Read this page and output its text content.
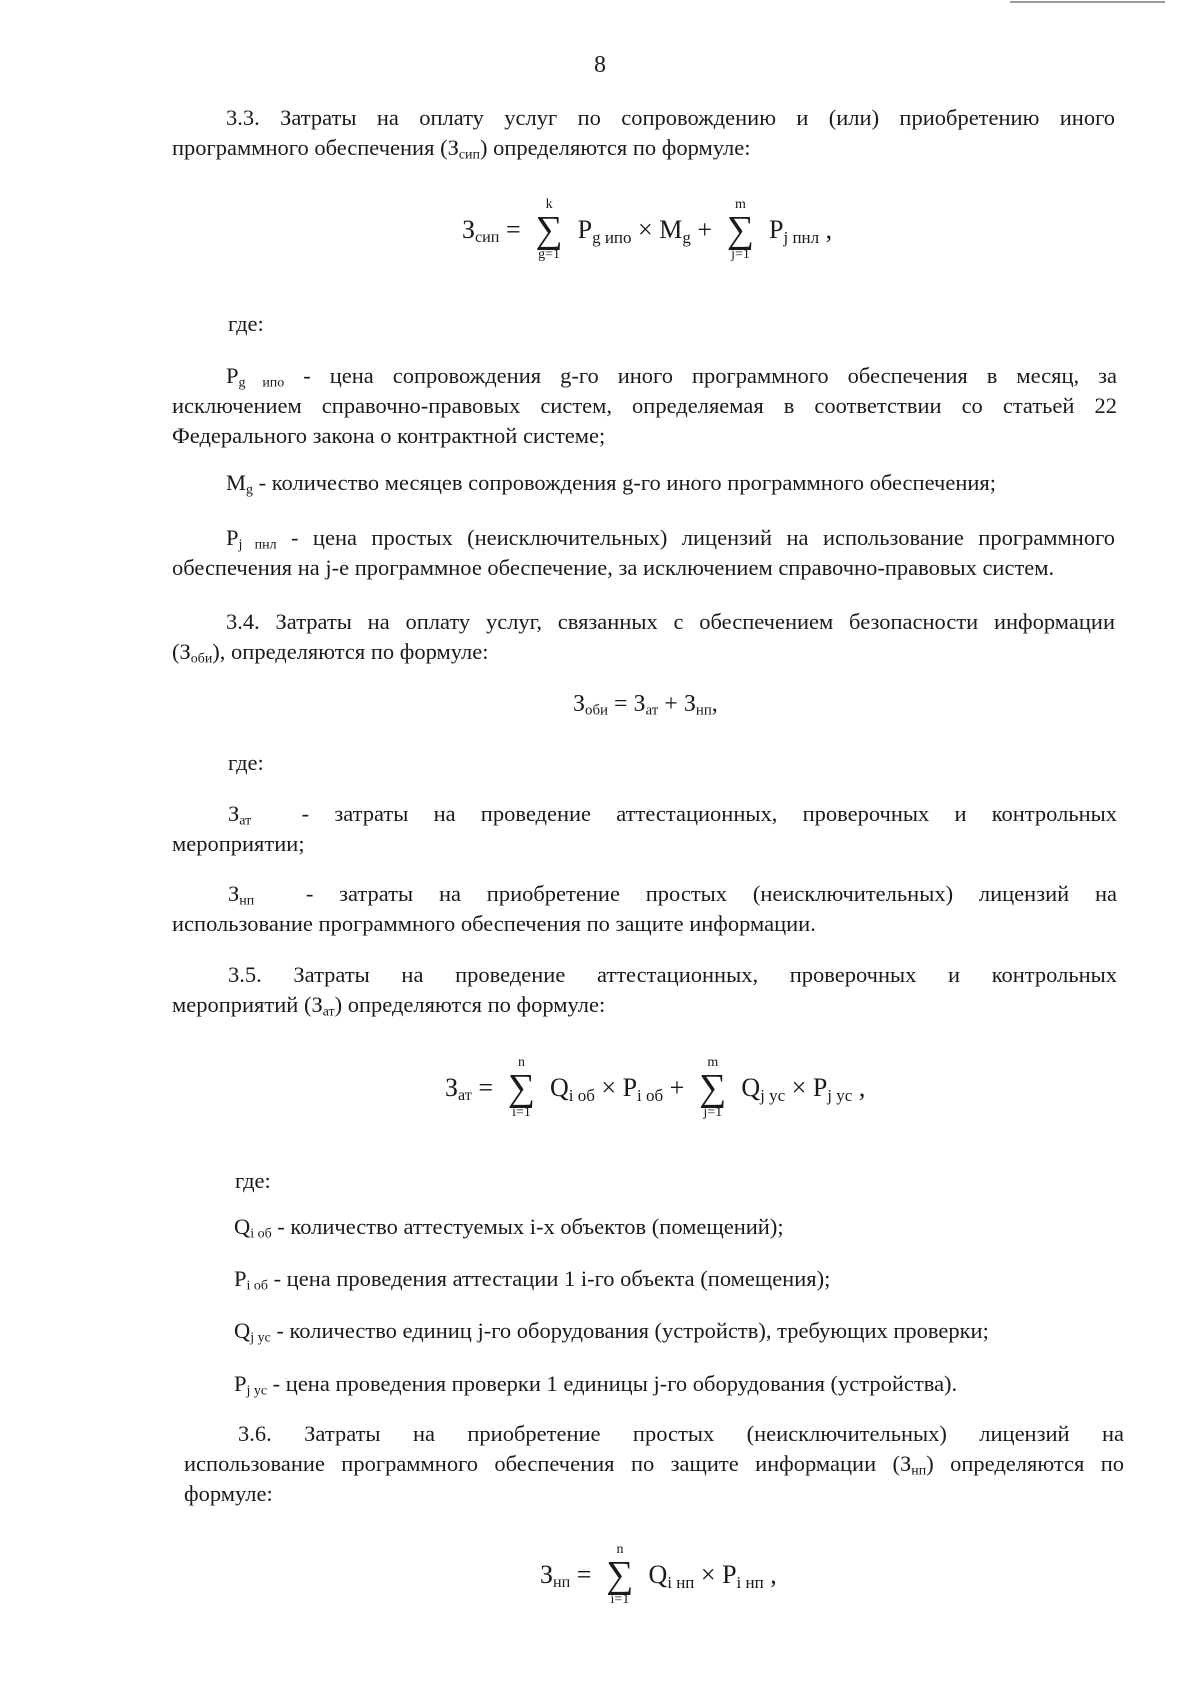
8

3.3. Затраты на оплату услуг по сопровождению и (или) приобретению иного

программного обеспечения $(З_{сип})$ определяются по формуле:

$З_{сип}$ =
k
∑
g=1
$P_{g ипо} \times M_g$ +
m
∑
j=1
$P_{j пнл}$ ,
где:

$P_{g ипо}$ - цена сопровождения g-го иного программного обеспечения в месяц, за

исключением справочно-правовых систем, определяемая в соответствии со статьей 22

Федерального закона о контрактной системе;

$M_g$ - количество месяцев сопровождения g-го иного программного обеспечения;

$P_{j пнл}$ - цена простых (неисключительных) лицензий на использование программного

обеспечения на j-е программное обеспечение, за исключением справочно-правовых систем.

3.4. Затраты на оплату услуг, связанных с обеспечением безопасности информации

$(З_{оби})$, определяются по формуле:

$З_{оби} = З_{ат} + З_{нп}$,
где:

$З_{ат}$ - затраты на проведение аттестационных, проверочных и контрольных

мероприятии;

$З_{нп}$ - затраты на приобретение простых (неисключительных) лицензий на

использование программного обеспечения по защите информации.

3.5. Затраты на проведение аттестационных, проверочных и контрольных

мероприятий $(З_{ат})$ определяются по формуле:

$З_{ат}$ =
n
∑
i=1
$Q_{i об} \times P_{i об}$ +
m
∑
j=1
$Q_{j ус} \times P_{j ус}$ ,
где:
$Q_{i об}$ - количество аттестуемых i-х объектов (помещений);
$P_{i об}$ - цена проведения аттестации 1 i-го объекта (помещения);
$Q_{j ус}$ - количество единиц j-го оборудования (устройств), требующих проверки;
$P_{j ус}$ - цена проведения проверки 1 единицы j-го оборудования (устройства).

3.6. Затраты на приобретение простых (неисключительных) лицензий на

использование программного обеспечения по защите информации $(З_{нп})$ определяются по

формуле:

$З_{нп}$ =
n
∑
i=1
$Q_{i нп} \times P_{i нп}$ ,
